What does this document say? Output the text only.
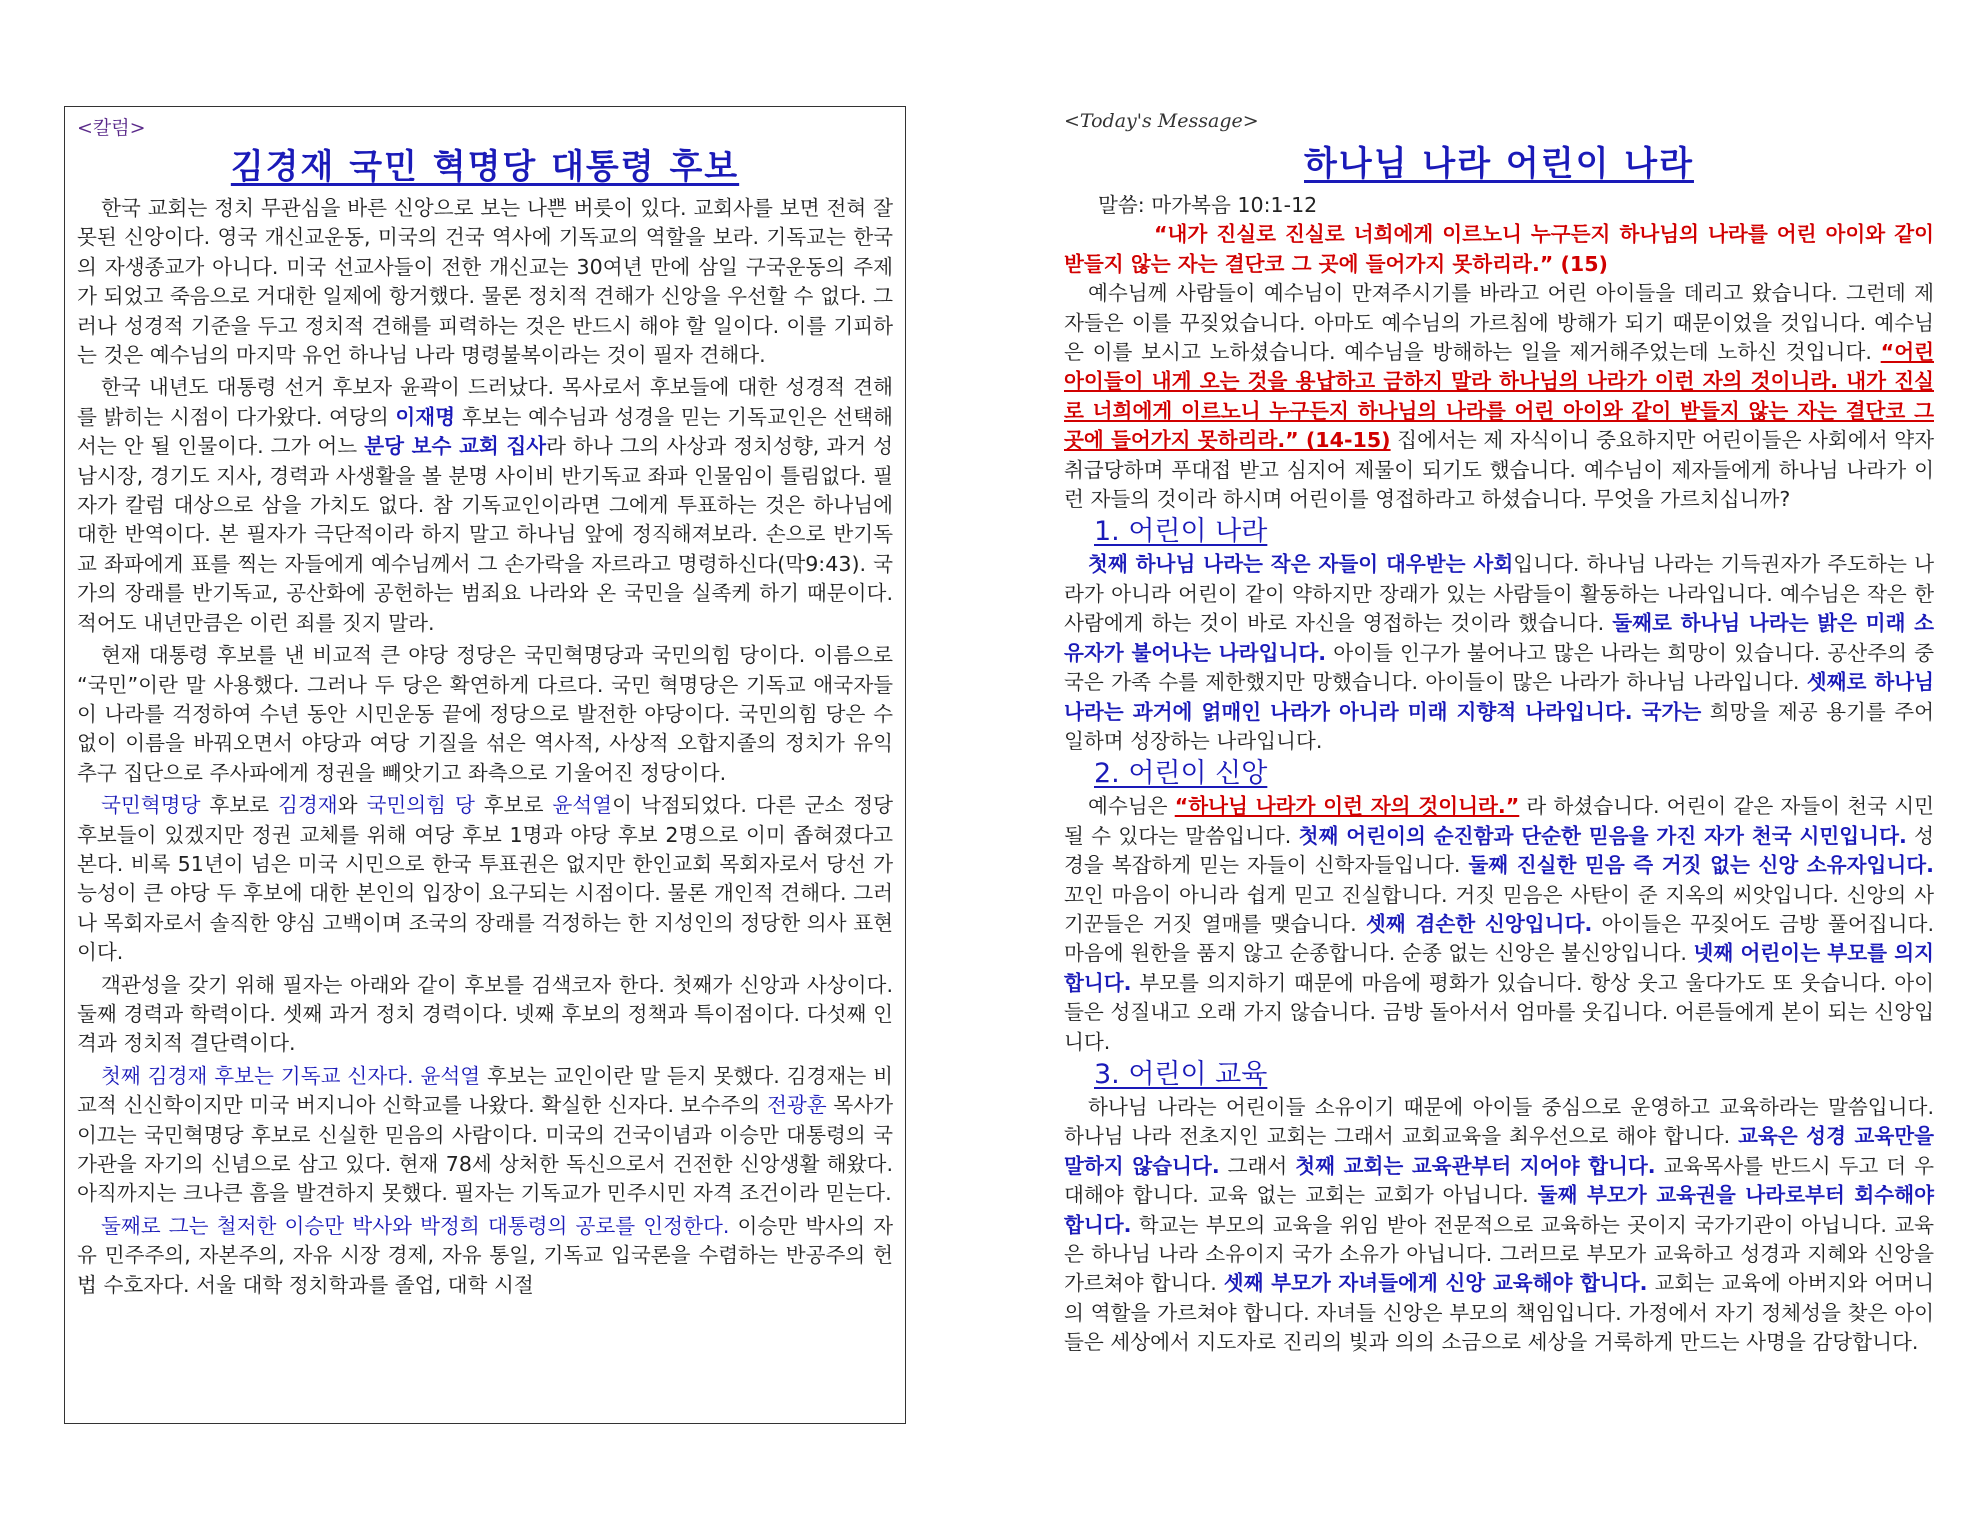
<칼럼>
김경재 국민 혁명당 대통령 후보

한국 교회는 정치 무관심을 바른 신앙으로 보는 나쁜 버릇이 있다. 교회사를 보면 전혀 잘못된 신앙이다. 영국 개신교운동, 미국의 건국 역사에 기독교의 역할을 보라. 기독교는 한국의 자생종교가 아니다. 미국 선교사들이 전한 개신교는 30여년 만에 삼일 구국운동의 주제가 되었고 죽음으로 거대한 일제에 항거했다. 물론 정치적 견해가 신앙을 우선할 수 없다. 그러나 성경적 기준을 두고 정치적 견해를 피력하는 것은 반드시 해야 할 일이다. 이를 기피하는 것은 예수님의 마지막 유언 하나님 나라 명령불복이라는 것이 필자 견해다.

한국 내년도 대통령 선거 후보자 윤곽이 드러났다. 목사로서 후보들에 대한 성경적 견해를 밝히는 시점이 다가왔다. 여당의 이재명 후보는 예수님과 성경을 믿는 기독교인은 선택해서는 안 될 인물이다. 그가 어느 분당 보수 교회 집사라 하나 그의 사상과 정치성향, 과거 성남시장, 경기도 지사, 경력과 사생활을 볼 분명 사이비 반기독교 좌파 인물임이 틀림없다. 필자가 칼럼 대상으로 삼을 가치도 없다. 참 기독교인이라면 그에게 투표하는 것은 하나님에 대한 반역이다. 본 필자가 극단적이라 하지 말고 하나님 앞에 정직해져보라. 손으로 반기독교 좌파에게 표를 찍는 자들에게 예수님께서 그 손가락을 자르라고 명령하신다(막9:43). 국가의 장래를 반기독교, 공산화에 공헌하는 범죄요 나라와 온 국민을 실족케 하기 때문이다. 적어도 내년만큼은 이런 죄를 짓지 말라.

현재 대통령 후보를 낸 비교적 큰 야당 정당은 국민혁명당과 국민의힘 당이다. 이름으로 “국민”이란 말 사용했다. 그러나 두 당은 확연하게 다르다. 국민 혁명당은 기독교 애국자들이 나라를 걱정하여 수년 동안 시민운동 끝에 정당으로 발전한 야당이다. 국민의힘 당은 수없이 이름을 바꿔오면서 야당과 여당 기질을 섞은 역사적, 사상적 오합지졸의 정치가 유익 추구 집단으로 주사파에게 정권을 빼앗기고 좌측으로 기울어진 정당이다.

국민혁명당 후보로 김경재와 국민의힘 당 후보로 윤석열이 낙점되었다. 다른 군소 정당 후보들이 있겠지만 정권 교체를 위해 여당 후보 1명과 야당 후보 2명으로 이미 좁혀졌다고 본다. 비록 51년이 넘은 미국 시민으로 한국 투표권은 없지만 한인교회 목회자로서 당선 가능성이 큰 야당 두 후보에 대한 본인의 입장이 요구되는 시점이다. 물론 개인적 견해다. 그러나 목회자로서 솔직한 양심 고백이며 조국의 장래를 걱정하는 한 지성인의 정당한 의사 표현이다.

객관성을 갖기 위해 필자는 아래와 같이 후보를 검색코자 한다. 첫째가 신앙과 사상이다. 둘째 경력과 학력이다. 셋째 과거 정치 경력이다. 넷째 후보의 정책과 특이점이다. 다섯째 인격과 정치적 결단력이다.

첫째 김경재 후보는 기독교 신자다. 윤석열 후보는 교인이란 말 듣지 못했다. 김경재는 비교적 신신학이지만 미국 버지니아 신학교를 나왔다. 확실한 신자다. 보수주의 전광훈 목사가 이끄는 국민혁명당 후보로 신실한 믿음의 사람이다. 미국의 건국이념과 이승만 대통령의 국가관을 자기의 신념으로 삼고 있다. 현재 78세 상처한 독신으로서 건전한 신앙생활 해왔다. 아직까지는 크나큰 흠을 발견하지 못했다. 필자는 기독교가 민주시민 자격 조건이라 믿는다.

둘째로 그는 철저한 이승만 박사와 박정희 대통령의 공로를 인정한다. 이승만 박사의 자유 민주주의, 자본주의, 자유 시장 경제, 자유 통일, 기독교 입국론을 수렴하는 반공주의 헌법 수호자다. 서울 대학 정치학과를 졸업, 대학 시절

<Today's Message>
하나님 나라 어린이 나라
말씀: 마가복음 10:1-12

“내가 진실로 진실로 너희에게 이르노니 누구든지 하나님의 나라를 어린 아이와 같이 받들지 않는 자는 결단코 그 곳에 들어가지 못하리라.” (15)

예수님께 사람들이 예수님이 만져주시기를 바라고 어린 아이들을 데리고 왔습니다. 그런데 제자들은 이를 꾸짖었습니다. 아마도 예수님의 가르침에 방해가 되기 때문이었을 것입니다. 예수님은 이를 보시고 노하셨습니다. 예수님을 방해하는 일을 제거해주었는데 노하신 것입니다. “어린 아이들이 내게 오는 것을 용납하고 금하지 말라 하나님의 나라가 이런 자의 것이니라. 내가 진실로 너희에게 이르노니 누구든지 하나님의 나라를 어린 아이와 같이 받들지 않는 자는 결단코 그 곳에 들어가지 못하리라.” (14-15) 집에서는 제 자식이니 중요하지만 어린이들은 사회에서 약자 취급당하며 푸대접 받고 심지어 제물이 되기도 했습니다. 예수님이 제자들에게 하나님 나라가 이런 자들의 것이라 하시며 어린이를 영접하라고 하셨습니다. 무엇을 가르치십니까?

1. 어린이 나라

첫째 하나님 나라는 작은 자들이 대우받는 사회입니다. 하나님 나라는 기득권자가 주도하는 나라가 아니라 어린이 같이 약하지만 장래가 있는 사람들이 활동하는 나라입니다. 예수님은 작은 한 사람에게 하는 것이 바로 자신을 영접하는 것이라 했습니다. 둘째로 하나님 나라는 밝은 미래 소유자가 불어나는 나라입니다. 아이들 인구가 불어나고 많은 나라는 희망이 있습니다. 공산주의 중국은 가족 수를 제한했지만 망했습니다. 아이들이 많은 나라가 하나님 나라입니다. 셋째로 하나님 나라는 과거에 얽매인 나라가 아니라 미래 지향적 나라입니다. 국가는 희망을 제공 용기를 주어 일하며 성장하는 나라입니다.

2. 어린이 신앙

예수님은 “하나님 나라가 이런 자의 것이니라.” 라 하셨습니다. 어린이 같은 자들이 천국 시민 될 수 있다는 말씀입니다. 첫째 어린이의 순진함과 단순한 믿음을 가진 자가 천국 시민입니다. 성경을 복잡하게 믿는 자들이 신학자들입니다. 둘째 진실한 믿음 즉 거짓 없는 신앙 소유자입니다. 꼬인 마음이 아니라 쉽게 믿고 진실합니다. 거짓 믿음은 사탄이 준 지옥의 씨앗입니다. 신앙의 사기꾼들은 거짓 열매를 맺습니다. 셋째 겸손한 신앙입니다. 아이들은 꾸짖어도 금방 풀어집니다. 마음에 원한을 품지 않고 순종합니다. 순종 없는 신앙은 불신앙입니다. 넷째 어린이는 부모를 의지합니다. 부모를 의지하기 때문에 마음에 평화가 있습니다. 항상 웃고 울다가도 또 웃습니다. 아이들은 성질내고 오래 가지 않습니다. 금방 돌아서서 엄마를 웃깁니다. 어른들에게 본이 되는 신앙입니다.

3. 어린이 교육

하나님 나라는 어린이들 소유이기 때문에 아이들 중심으로 운영하고 교육하라는 말씀입니다. 하나님 나라 전초지인 교회는 그래서 교회교육을 최우선으로 해야 합니다. 교육은 성경 교육만을 말하지 않습니다. 그래서 첫째 교회는 교육관부터 지어야 합니다. 교육목사를 반드시 두고 더 우대해야 합니다. 교육 없는 교회는 교회가 아닙니다. 둘째 부모가 교육권을 나라로부터 회수해야 합니다. 학교는 부모의 교육을 위임 받아 전문적으로 교육하는 곳이지 국가기관이 아닙니다. 교육은 하나님 나라 소유이지 국가 소유가 아닙니다. 그러므로 부모가 교육하고 성경과 지혜와 신앙을 가르쳐야 합니다. 셋째 부모가 자녀들에게 신앙 교육해야 합니다. 교회는 교육에 아버지와 어머니의 역할을 가르쳐야 합니다. 자녀들 신앙은 부모의 책임입니다. 가정에서 자기 정체성을 찾은 아이들은 세상에서 지도자로 진리의 빛과 의의 소금으로 세상을 거룩하게 만드는 사명을 감당합니다.
